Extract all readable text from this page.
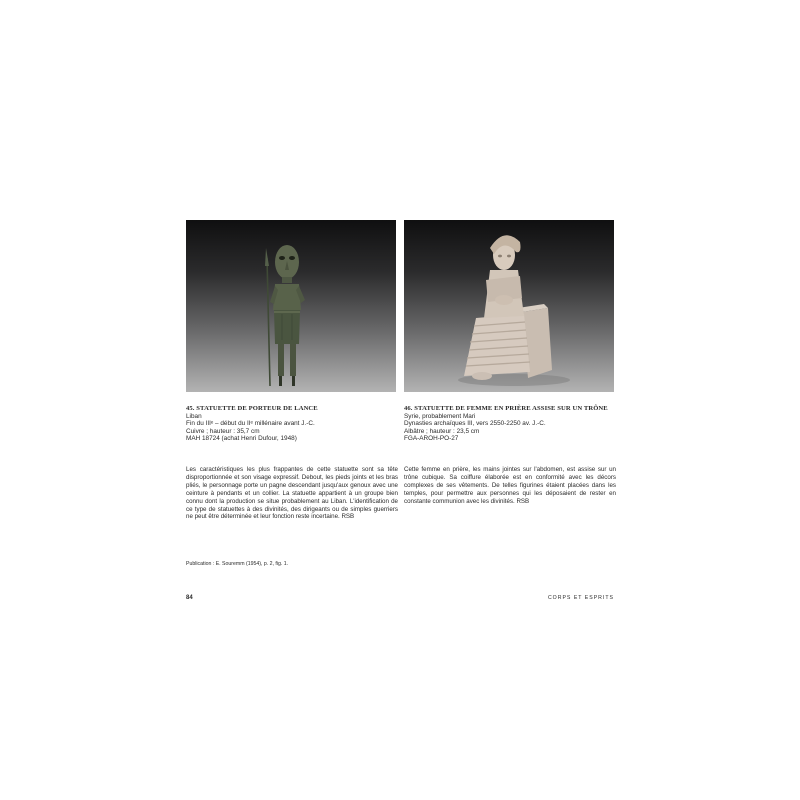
45. STATUETTE DE PORTEUR DE LANCE
Liban
Fin du IIIᵉ – début du IIᵉ millénaire avant J.-C.
Cuivre ; hauteur : 35,7 cm
MAH 18724 (achat Henri Dufour, 1948)
46. STATUETTE DE FEMME EN PRIÈRE ASSISE SUR UN TRÔNE
Syrie, probablement Mari
Dynasties archaïques III, vers 2550-2250 av. J.-C.
Albâtre ; hauteur : 23,5 cm
FGA-AROH-PO-27

Les caractéristiques les plus frappantes de cette statuette sont sa tête disproportionnée et son visage expressif. Debout, les pieds joints et les bras pliés, le personnage porte un pagne descendant jusqu'aux genoux avec une ceinture à pendants et un collier. La statuette appartient à un groupe bien connu dont la production se situe probablement au Liban. L'identification de ce type de statuettes à des divinités, des dirigeants ou de simples guerriers ne peut être déterminée et leur fonction reste incertaine. RSB

Cette femme en prière, les mains jointes sur l'abdomen, est assise sur un trône cubique. Sa coiffure élaborée est en conformité avec les décors complexes de ses vêtements. De telles figurines étaient placées dans les temples, pour permettre aux personnes qui les déposaient de rester en constante communion avec les divinités. RSB

Publication : E. Souremm (1954), p. 2, fig. 1.
84	CORPS ET ESPRITS
